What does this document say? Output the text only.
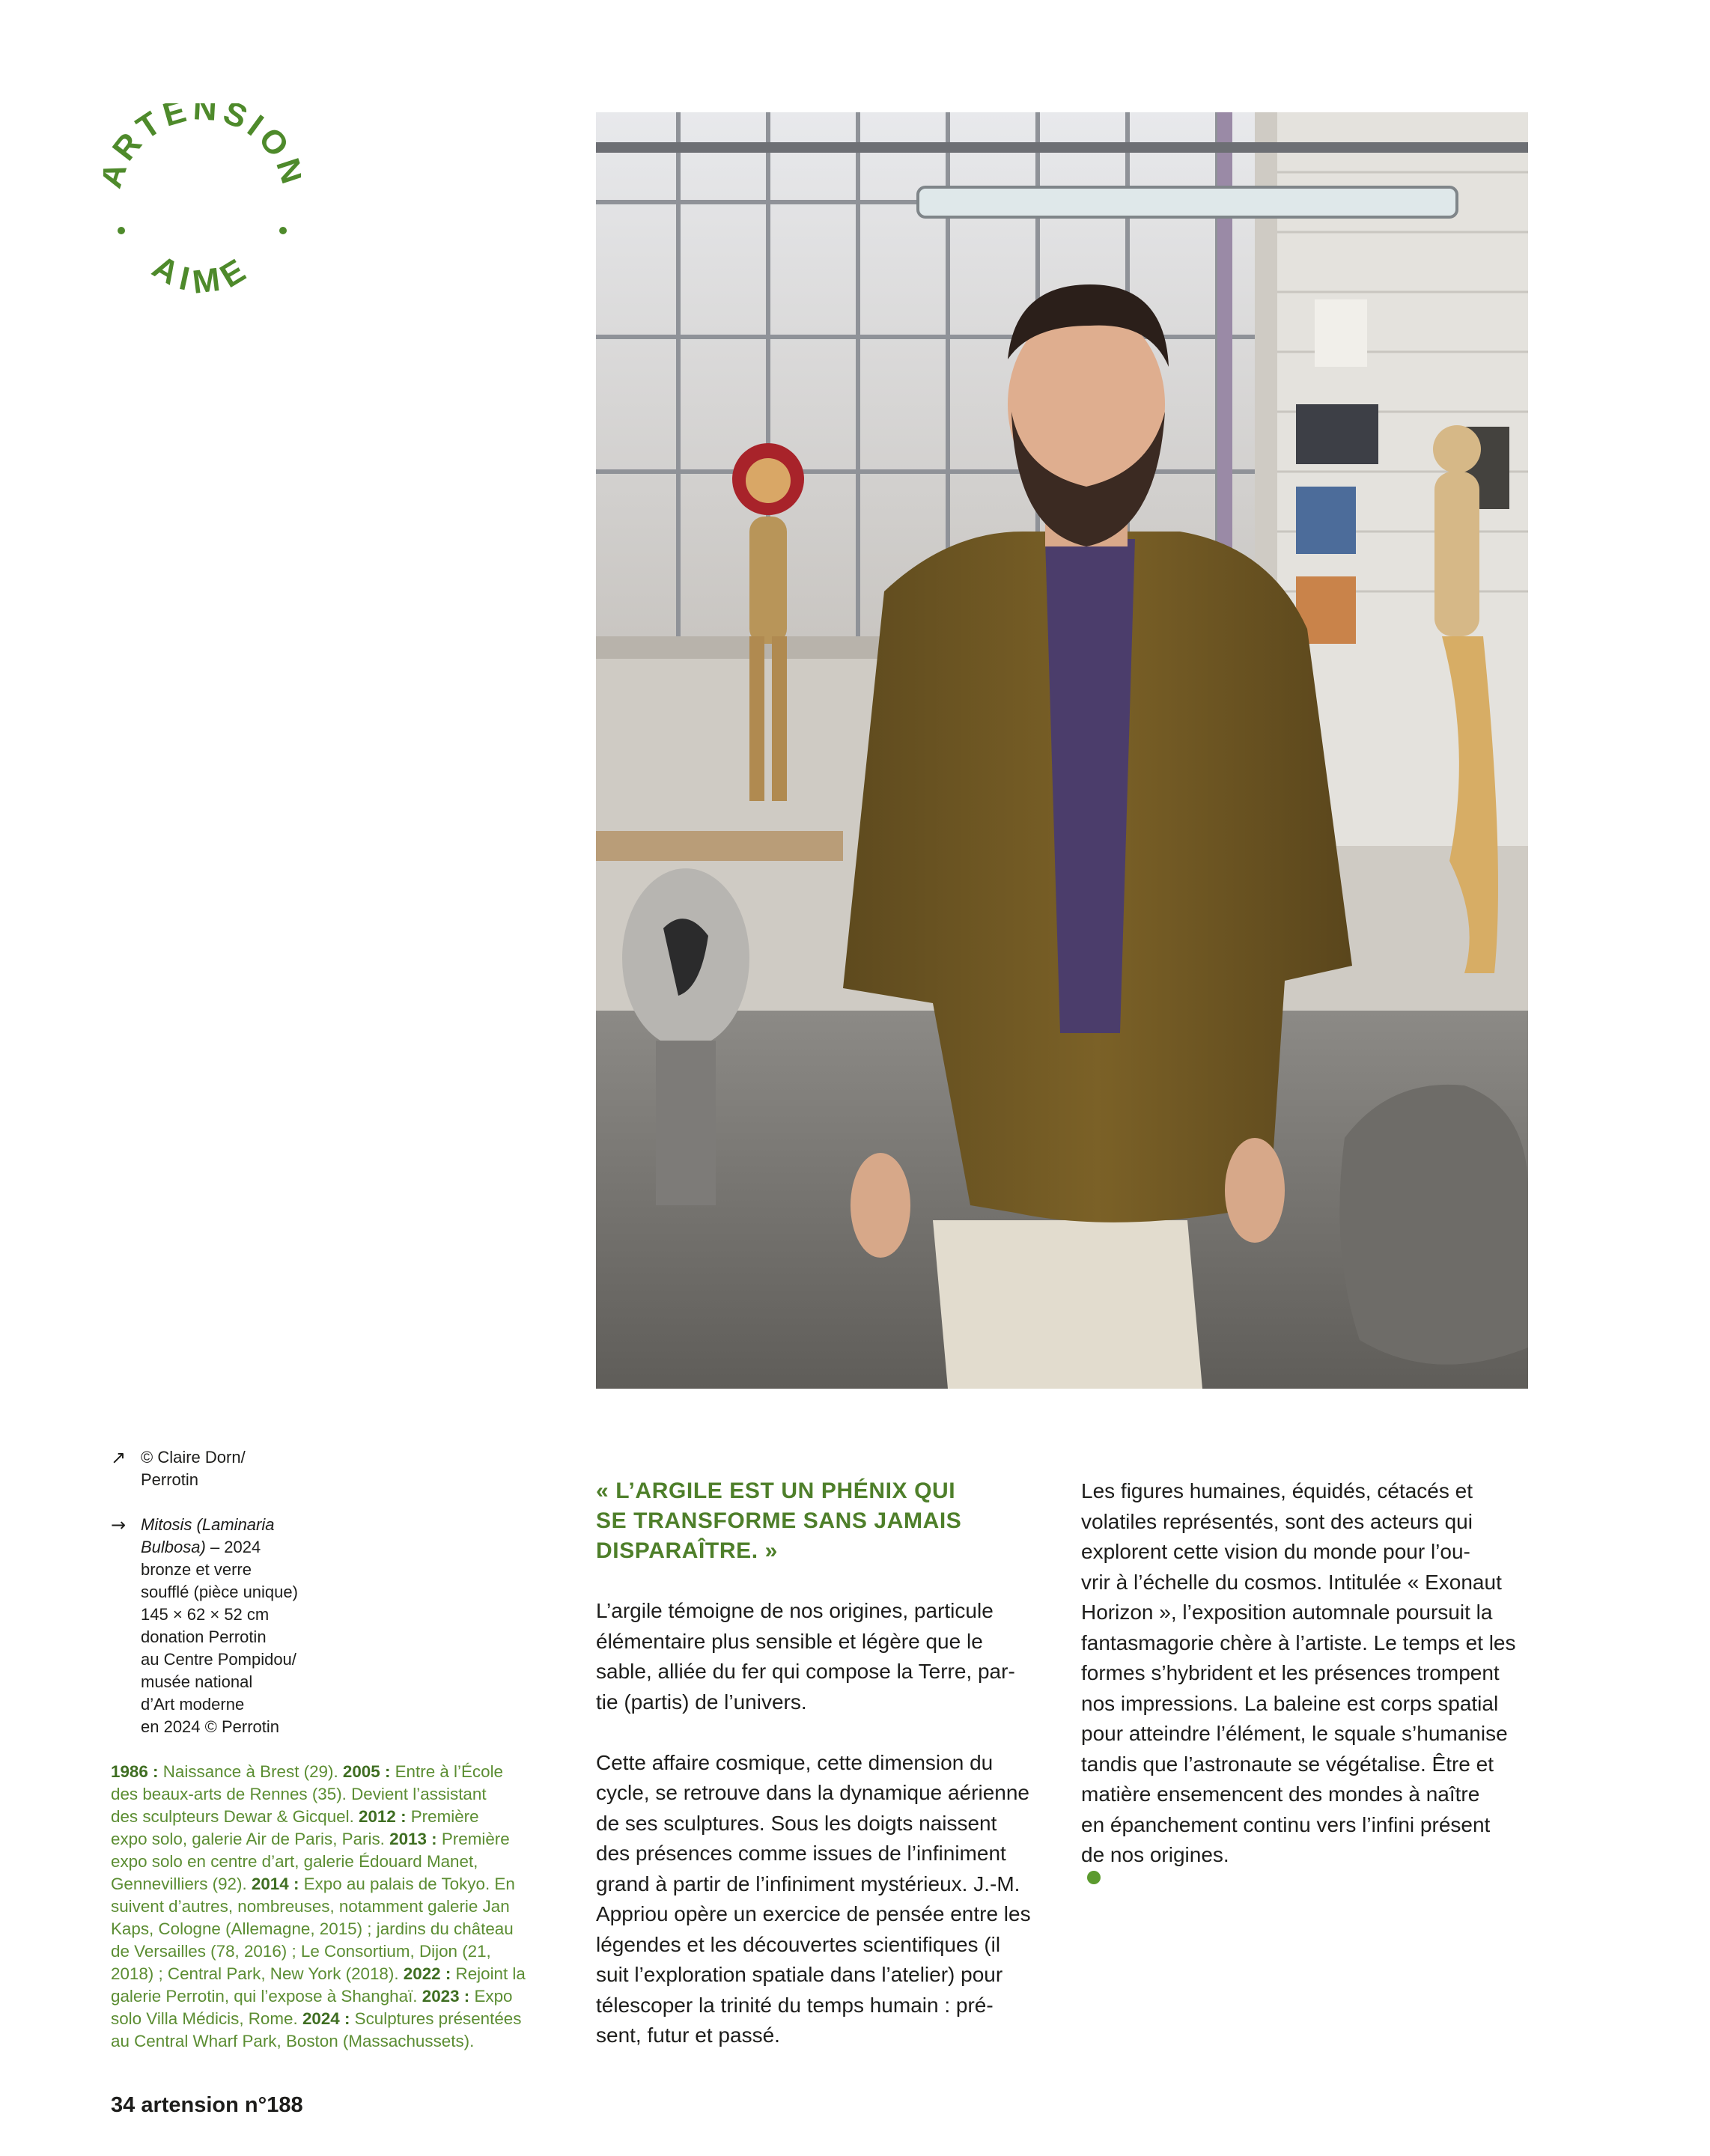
RTENSIO
AIME
↗ © Claire Dorn/
Perrotin
→ Mitosis (Laminaria
Bulbosa) – 2024
bronze et verre
soufflé (pièce unique)
145 × 62 × 52 cm
donation Perrotin
au Centre Pompidou/
musée national
d’Art moderne
en 2024 © Perrotin
1986 : Naissance à Brest (29). 2005 : Entre à l’École
des beaux-arts de Rennes (35). Devient l’assistant
des sculpteurs Dewar & Gicquel. 2012 : Première
expo solo, galerie Air de Paris, Paris. 2013 : Première
expo solo en centre d’art, galerie Édouard Manet,
Gennevilliers (92). 2014 : Expo au palais de Tokyo. En
suivent d’autres, nombreuses, notamment galerie Jan
Kaps, Cologne (Allemagne, 2015) ; jardins du château
de Versailles (78, 2016) ; Le Consortium, Dijon (21,
2018) ; Central Park, New York (2018). 2022 : Rejoint la
galerie Perrotin, qui l’expose à Shanghaï. 2023 : Expo
solo Villa Médicis, Rome. 2024 : Sculptures présentées
au Central Wharf Park, Boston (Massachussets).
34 artension n°188
« L’ARGILE EST UN PHÉNIX QUI
SE TRANSFORME SANS JAMAIS
DISPARAÎTRE. »
L’argile témoigne de nos origines, particule
élémentaire plus sensible et légère que le
sable, alliée du fer qui compose la Terre, par-
tie (partis) de l’univers.
Cette affaire cosmique, cette dimension du
cycle, se retrouve dans la dynamique aérienne
de ses sculptures. Sous les doigts naissent
des présences comme issues de l’infiniment
grand à partir de l’infiniment mystérieux. J.-M.
Appriou opère un exercice de pensée entre les
légendes et les découvertes scientifiques (il
suit l’exploration spatiale dans l’atelier) pour
télescoper la trinité du temps humain : pré-
sent, futur et passé.
Les figures humaines, équidés, cétacés et
volatiles représentés, sont des acteurs qui
explorent cette vision du monde pour l’ou-
vrir à l’échelle du cosmos. Intitulée « Exonaut
Horizon », l’exposition automnale poursuit la
fantasmagorie chère à l’artiste. Le temps et les
formes s’hybrident et les présences trompent
nos impressions. La baleine est corps spatial
pour atteindre l’élément, le squale s’humanise
tandis que l’astronaute se végétalise. Être et
matière ensemencent des mondes à naître
en épanchement continu vers l’infini présent
de nos origines.
